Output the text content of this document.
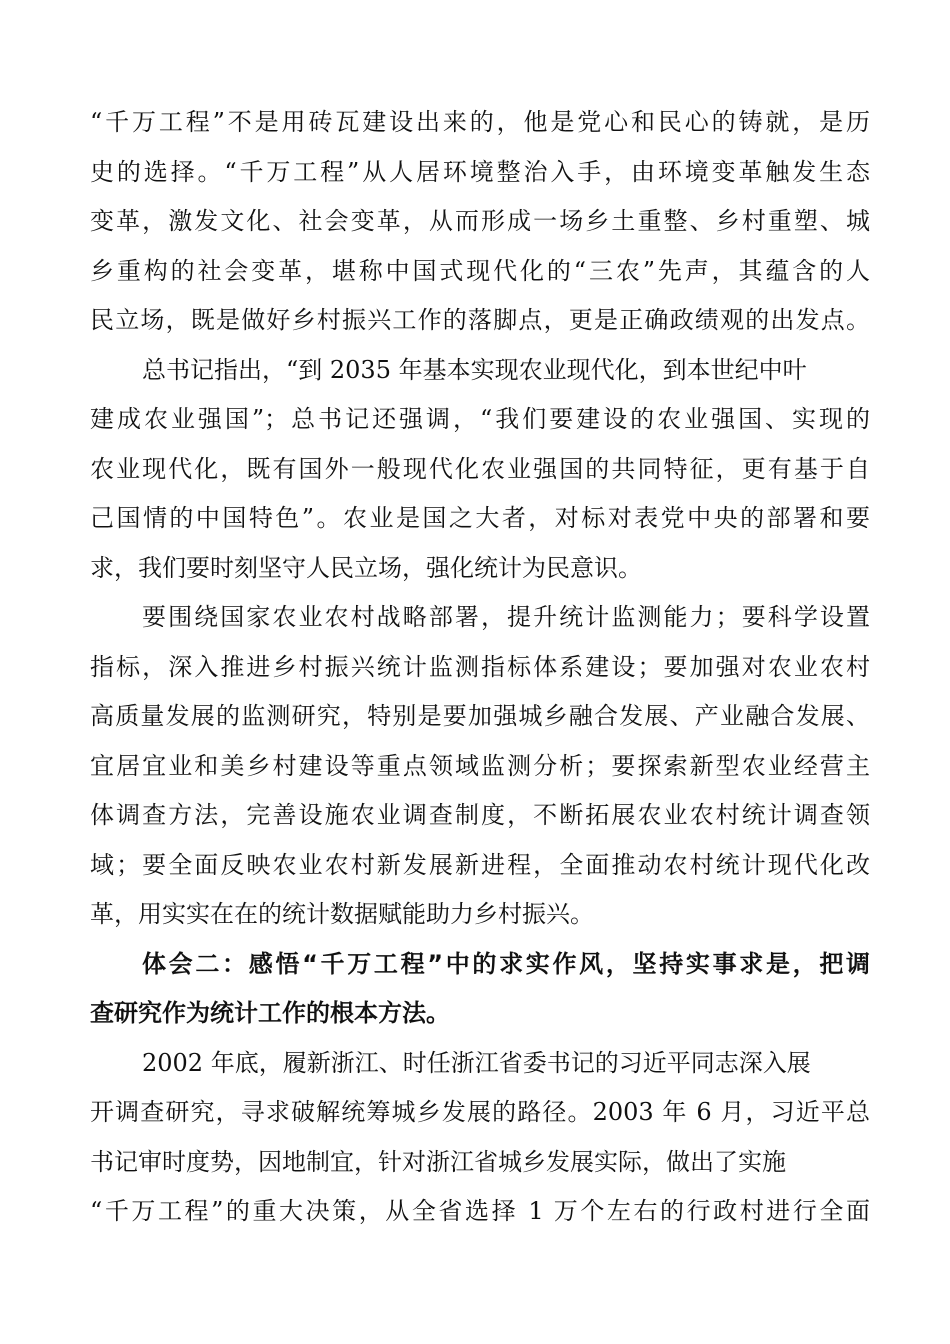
“千万工程”不是用砖瓦建设出来的，他是党心和民心的铸就，是历
史的选择。“千万工程”从人居环境整治入手，由环境变革触发生态
变革，激发文化、社会变革，从而形成一场乡土重整、乡村重塑、城
乡重构的社会变革，堪称中国式现代化的“三农”先声，其蕴含的人
民立场，既是做好乡村振兴工作的落脚点，更是正确政绩观的出发点。
总书记指出，“到 2035 年基本实现农业现代化，到本世纪中叶
建成农业强国”；总书记还强调，“我们要建设的农业强国、实现的
农业现代化，既有国外一般现代化农业强国的共同特征，更有基于自
己国情的中国特色”。农业是国之大者，对标对表党中央的部署和要
求，我们要时刻坚守人民立场，强化统计为民意识。
要围绕国家农业农村战略部署，提升统计监测能力；要科学设置
指标，深入推进乡村振兴统计监测指标体系建设；要加强对农业农村
高质量发展的监测研究，特别是要加强城乡融合发展、产业融合发展、
宜居宜业和美乡村建设等重点领域监测分析；要探索新型农业经营主
体调查方法，完善设施农业调查制度，不断拓展农业农村统计调查领
域；要全面反映农业农村新发展新进程，全面推动农村统计现代化改
革，用实实在在的统计数据赋能助力乡村振兴。
体会二：感悟“千万工程”中的求实作风，坚持实事求是，把调
查研究作为统计工作的根本方法。
2002 年底，履新浙江、时任浙江省委书记的习近平同志深入展
开调查研究，寻求破解统筹城乡发展的路径。2003 年 6 月，习近平总
书记审时度势，因地制宜，针对浙江省城乡发展实际，做出了实施
“千万工程”的重大决策，从全省选择 1 万个左右的行政村进行全面
